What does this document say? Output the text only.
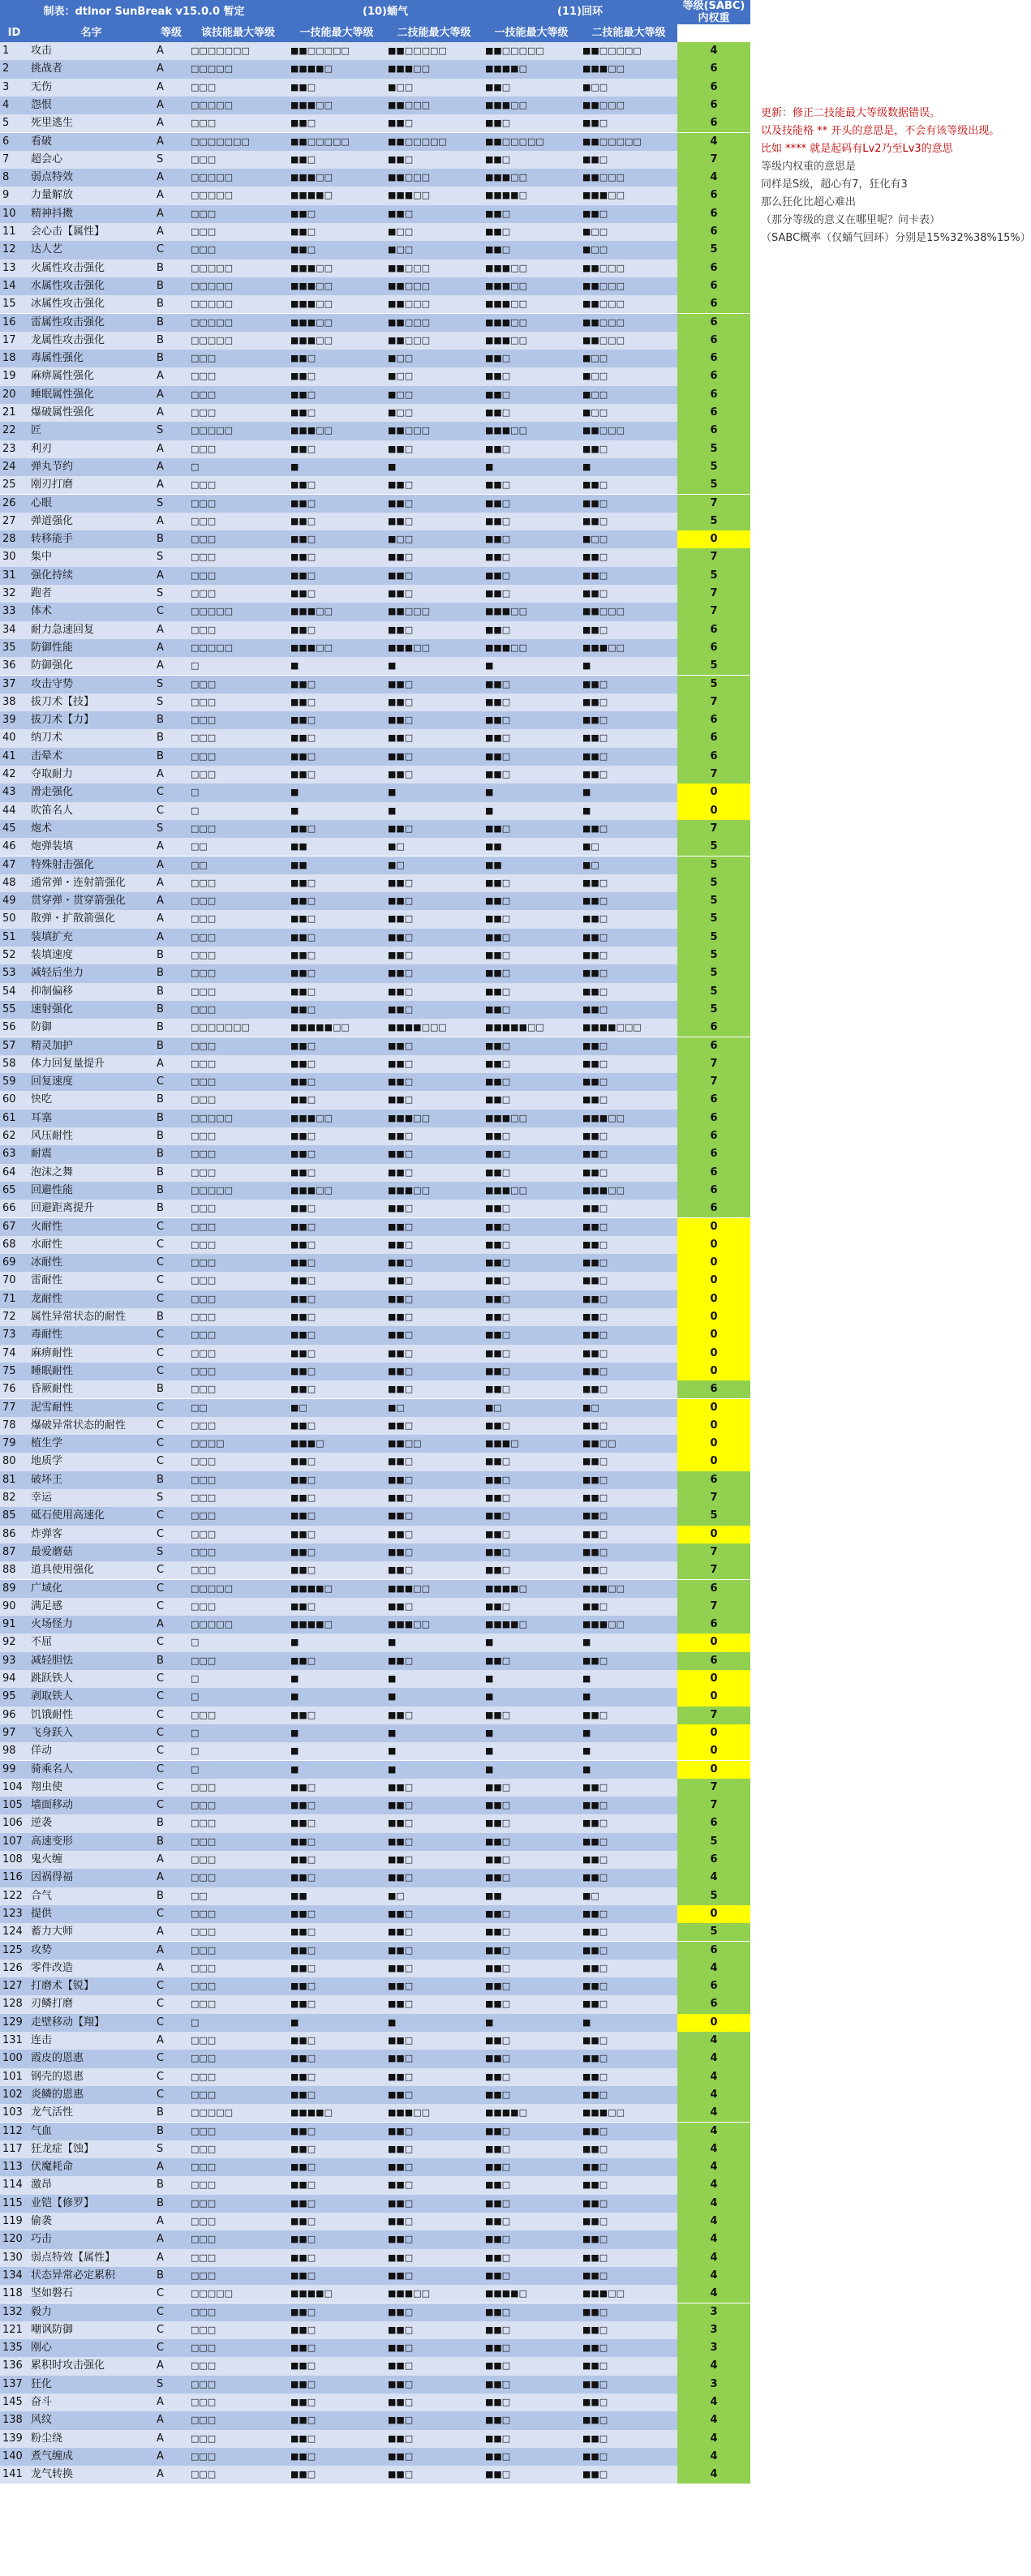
制表：dtlnor SunBreak v15.0.0 暂定	(10)蛹气	(11)回环	等级(SABC)
内权重
ID	名字	等级	该技能最大等级	一技能最大等级	二技能最大等级	一技能最大等级	二技能最大等级
1	攻击	A	□□□□□□□	■■□□□□□	■■□□□□□	■■□□□□□	■■□□□□□	4
2	挑战者	A	□□□□□	■■■■□	■■■□□	■■■■□	■■■□□	6
3	无伤	A	□□□	■■□	■□□	■■□	■□□	6
4	怨恨	A	□□□□□	■■■□□	■■□□□	■■■□□	■■□□□	6
5	死里逃生	A	□□□	■■□	■■□	■■□	■■□	6
6	看破	A	□□□□□□□	■■□□□□□	■■□□□□□	■■□□□□□	■■□□□□□	4
7	超会心	S	□□□	■■□	■■□	■■□	■■□	7
8	弱点特效	A	□□□□□	■■■□□	■■□□□	■■■□□	■■□□□	4
9	力量解放	A	□□□□□	■■■■□	■■■□□	■■■■□	■■■□□	6
10	精神抖擞	A	□□□	■■□	■■□	■■□	■■□	6
11	会心击【属性】	A	□□□	■■□	■□□	■■□	■□□	6
12	达人艺	C	□□□	■■□	■□□	■■□	■□□	5
13	火属性攻击强化	B	□□□□□	■■■□□	■■□□□	■■■□□	■■□□□	6
14	水属性攻击强化	B	□□□□□	■■■□□	■■□□□	■■■□□	■■□□□	6
15	冰属性攻击强化	B	□□□□□	■■■□□	■■□□□	■■■□□	■■□□□	6
16	雷属性攻击强化	B	□□□□□	■■■□□	■■□□□	■■■□□	■■□□□	6
17	龙属性攻击强化	B	□□□□□	■■■□□	■■□□□	■■■□□	■■□□□	6
18	毒属性强化	B	□□□	■■□	■□□	■■□	■□□	6
19	麻痹属性强化	A	□□□	■■□	■□□	■■□	■□□	6
20	睡眠属性强化	A	□□□	■■□	■□□	■■□	■□□	6
21	爆破属性强化	A	□□□	■■□	■□□	■■□	■□□	6
22	匠	S	□□□□□	■■■□□	■■□□□	■■■□□	■■□□□	6
23	利刃	A	□□□	■■□	■■□	■■□	■■□	5
24	弹丸节约	A	□	■	■	■	■	5
25	刚刃打磨	A	□□□	■■□	■■□	■■□	■■□	5
26	心眼	S	□□□	■■□	■■□	■■□	■■□	7
27	弹道强化	A	□□□	■■□	■■□	■■□	■■□	5
28	转移能手	B	□□□	■■□	■□□	■■□	■□□	0
30	集中	S	□□□	■■□	■■□	■■□	■■□	7
31	强化持续	A	□□□	■■□	■■□	■■□	■■□	5
32	跑者	S	□□□	■■□	■■□	■■□	■■□	7
33	体术	C	□□□□□	■■■□□	■■□□□	■■■□□	■■□□□	7
34	耐力急速回复	A	□□□	■■□	■■□	■■□	■■□	6
35	防御性能	A	□□□□□	■■■□□	■■■□□	■■■□□	■■■□□	6
36	防御强化	A	□	■	■	■	■	5
37	攻击守势	S	□□□	■■□	■■□	■■□	■■□	5
38	拔刀术【技】	S	□□□	■■□	■■□	■■□	■■□	7
39	拔刀术【力】	B	□□□	■■□	■■□	■■□	■■□	6
40	纳刀术	B	□□□	■■□	■■□	■■□	■■□	6
41	击晕术	B	□□□	■■□	■■□	■■□	■■□	6
42	夺取耐力	A	□□□	■■□	■■□	■■□	■■□	7
43	滑走强化	C	□	■	■	■	■	0
44	吹笛名人	C	□	■	■	■	■	0
45	炮术	S	□□□	■■□	■■□	■■□	■■□	7
46	炮弹装填	A	□□	■■	■□	■■	■□	5
47	特殊射击强化	A	□□	■■	■□	■■	■□	5
48	通常弹・连射箭强化	A	□□□	■■□	■■□	■■□	■■□	5
49	贯穿弹・贯穿箭强化	A	□□□	■■□	■■□	■■□	■■□	5
50	散弹・扩散箭强化	A	□□□	■■□	■■□	■■□	■■□	5
51	装填扩充	A	□□□	■■□	■■□	■■□	■■□	5
52	装填速度	B	□□□	■■□	■■□	■■□	■■□	5
53	减轻后坐力	B	□□□	■■□	■■□	■■□	■■□	5
54	抑制偏移	B	□□□	■■□	■■□	■■□	■■□	5
55	速射强化	B	□□□	■■□	■■□	■■□	■■□	5
56	防御	B	□□□□□□□	■■■■■□□	■■■■□□□	■■■■■□□	■■■■□□□	6
57	精灵加护	B	□□□	■■□	■■□	■■□	■■□	6
58	体力回复量提升	A	□□□	■■□	■■□	■■□	■■□	7
59	回复速度	C	□□□	■■□	■■□	■■□	■■□	7
60	快吃	B	□□□	■■□	■■□	■■□	■■□	6
61	耳塞	B	□□□□□	■■■□□	■■■□□	■■■□□	■■■□□	6
62	风压耐性	B	□□□	■■□	■■□	■■□	■■□	6
63	耐震	B	□□□	■■□	■■□	■■□	■■□	6
64	泡沫之舞	B	□□□	■■□	■■□	■■□	■■□	6
65	回避性能	B	□□□□□	■■■□□	■■■□□	■■■□□	■■■□□	6
66	回避距离提升	B	□□□	■■□	■■□	■■□	■■□	6
67	火耐性	C	□□□	■■□	■■□	■■□	■■□	0
68	水耐性	C	□□□	■■□	■■□	■■□	■■□	0
69	冰耐性	C	□□□	■■□	■■□	■■□	■■□	0
70	雷耐性	C	□□□	■■□	■■□	■■□	■■□	0
71	龙耐性	C	□□□	■■□	■■□	■■□	■■□	0
72	属性异常状态的耐性	B	□□□	■■□	■■□	■■□	■■□	0
73	毒耐性	C	□□□	■■□	■■□	■■□	■■□	0
74	麻痹耐性	C	□□□	■■□	■■□	■■□	■■□	0
75	睡眠耐性	C	□□□	■■□	■■□	■■□	■■□	0
76	昏厥耐性	B	□□□	■■□	■■□	■■□	■■□	6
77	泥雪耐性	C	□□	■□	■□	■□	■□	0
78	爆破异常状态的耐性	C	□□□	■■□	■■□	■■□	■■□	0
79	植生学	C	□□□□	■■■□	■■□□	■■■□	■■□□	0
80	地质学	C	□□□	■■□	■■□	■■□	■■□	0
81	破坏王	B	□□□	■■□	■■□	■■□	■■□	6
82	幸运	S	□□□	■■□	■■□	■■□	■■□	7
85	砥石使用高速化	C	□□□	■■□	■■□	■■□	■■□	5
86	炸弹客	C	□□□	■■□	■■□	■■□	■■□	0
87	最爱蘑菇	S	□□□	■■□	■■□	■■□	■■□	7
88	道具使用强化	C	□□□	■■□	■■□	■■□	■■□	7
89	广域化	C	□□□□□	■■■■□	■■■□□	■■■■□	■■■□□	6
90	满足感	C	□□□	■■□	■■□	■■□	■■□	7
91	火场怪力	A	□□□□□	■■■■□	■■■□□	■■■■□	■■■□□	6
92	不屈	C	□	■	■	■	■	0
93	减轻胆怯	B	□□□	■■□	■■□	■■□	■■□	6
94	跳跃铁人	C	□	■	■	■	■	0
95	剥取铁人	C	□	■	■	■	■	0
96	饥饿耐性	C	□□□	■■□	■■□	■■□	■■□	7
97	飞身跃入	C	□	■	■	■	■	0
98	佯动	C	□	■	■	■	■	0
99	骑乘名人	C	□	■	■	■	■	0
104 翔虫使	C	□□□	■■□	■■□	■■□	■■□	7
105 墙面移动	C	□□□	■■□	■■□	■■□	■■□	7
106 逆袭	B	□□□	■■□	■■□	■■□	■■□	6
107 高速变形	B	□□□	■■□	■■□	■■□	■■□	5
108 鬼火缠	A	□□□	■■□	■■□	■■□	■■□	6
116 因祸得福	A	□□□	■■□	■■□	■■□	■■□	4
122 合气	B	□□	■■	■□	■■	■□	5
123 提供	C	□□□	■■□	■■□	■■□	■■□	0
124 蓄力大师	A	□□□	■■□	■■□	■■□	■■□	5
125 攻势	A	□□□	■■□	■■□	■■□	■■□	6
126 零件改造	A	□□□	■■□	■■□	■■□	■■□	4
127 打磨术【锐】	C	□□□	■■□	■■□	■■□	■■□	6
128 刃鳞打磨	C	□□□	■■□	■■□	■■□	■■□	6
129 走壁移动【翔】	C	□	■	■	■	■	0
131 连击	A	□□□	■■□	■■□	■■□	■■□	4
100 霞皮的恩惠	C	□□□	■■□	■■□	■■□	■■□	4
101 钢壳的恩惠	C	□□□	■■□	■■□	■■□	■■□	4
102 炎鳞的恩惠	C	□□□	■■□	■■□	■■□	■■□	4
103 龙气活性	B	□□□□□	■■■■□	■■■□□	■■■■□	■■■□□	4
112 气血	B	□□□	■■□	■■□	■■□	■■□	4
117 狂龙症【蚀】	S	□□□	■■□	■■□	■■□	■■□	4
113 伏魔耗命	A	□□□	■■□	■■□	■■□	■■□	4
114 激昂	B	□□□	■■□	■■□	■■□	■■□	4
115 业铠【修罗】	B	□□□	■■□	■■□	■■□	■■□	4
119 偷袭	A	□□□	■■□	■■□	■■□	■■□	4
120 巧击	A	□□□	■■□	■■□	■■□	■■□	4
130 弱点特效【属性】	A	□□□	■■□	■■□	■■□	■■□	4
134 状态异常必定累积	B	□□□	■■□	■■□	■■□	■■□	4
118 坚如磐石	C	□□□□□	■■■■□	■■■□□	■■■■□	■■■□□	4
132 毅力	C	□□□	■■□	■■□	■■□	■■□	3
121 嘲讽防御	C	□□□	■■□	■■□	■■□	■■□	3
135 刚心	C	□□□	■■□	■■□	■■□	■■□	3
136 累积时攻击强化	A	□□□	■■□	■■□	■■□	■■□	4
137 狂化	S	□□□	■■□	■■□	■■□	■■□	3
145 奋斗	A	□□□	■■□	■■□	■■□	■■□	4
138 风纹	A	□□□	■■□	■■□	■■□	■■□	4
139 粉尘绕	A	□□□	■■□	■■□	■■□	■■□	4
140 煮气缠成	A	□□□	■■□	■■□	■■□	■■□	4
141 龙气转换	A	□□□	■■□	■■□	■■□	■■□	4
更新：修正二技能最大等级数据错误。
以及技能格 ** 开头的意思是，不会有该等级出现。
比如 **** 就是起码有Lv2乃至Lv3的意思
等级内权重的意思是
同样是S级，超心有7，狂化有3
那么狂化比超心难出
（那分等级的意义在哪里呢？问卡表）
（SABC概率（仅蛹气回环）分别是15%32%38%15%）
